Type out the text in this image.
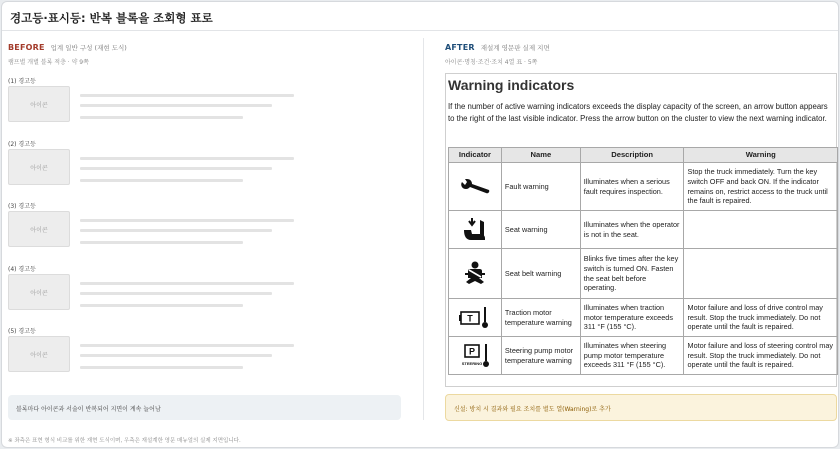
경고등·표시등: 반복 블록을 조회형 표로
BEFORE 업계 일반 구성 (재현 도식)
램프별 개별 블록 적층 · 약 9쪽
(1) 경고등
아이콘
(2) 경고등
아이콘
(3) 경고등
아이콘
(4) 경고등
아이콘
(5) 경고등
아이콘
블록마다 아이콘과 서술이 반복되어 지면이 계속 늘어남
AFTER 재설계 영문판 실제 지면
아이콘·명칭·조건·조치 4열 표 · 5쪽
Warning indicators
If the number of active warning indicators exceeds the display capacity of the screen, an arrow button appears to the right of the last visible indicator. Press the arrow button on the cluster to view the next warning indicator.
Indicator	Name	Description	Warning

	Fault warning	Illuminates when a serious fault requires inspection.	Stop the truck immediately. Turn the key switch OFF and back ON. If the indicator remains on, restrict access to the truck until the fault is repaired.

	Seat warning	Illuminates when the operator is not in the seat.	

	Seat belt warning	Blinks five times after the key switch is turned ON. Fasten the seat belt before operating.	

T	Traction motor temperature warning	Illuminates when traction motor temperature exceeds 311 °F (155 °C).	Motor failure and loss of drive control may result. Stop the truck immediately. Do not operate until the fault is repaired.

P
STEERING	Steering pump motor temperature warning	Illuminates when steering pump motor temperature exceeds 311 °F (155 °C).	Motor failure and loss of steering control may result. Stop the truck immediately. Do not operate until the fault is repaired.
신설: 방치 시 결과와 필요 조치를 별도 열(Warning)로 추가
※ 좌측은 표현 형식 비교를 위한 재현 도식이며, 우측은 재설계한 영문 매뉴얼의 실제 지면입니다.
